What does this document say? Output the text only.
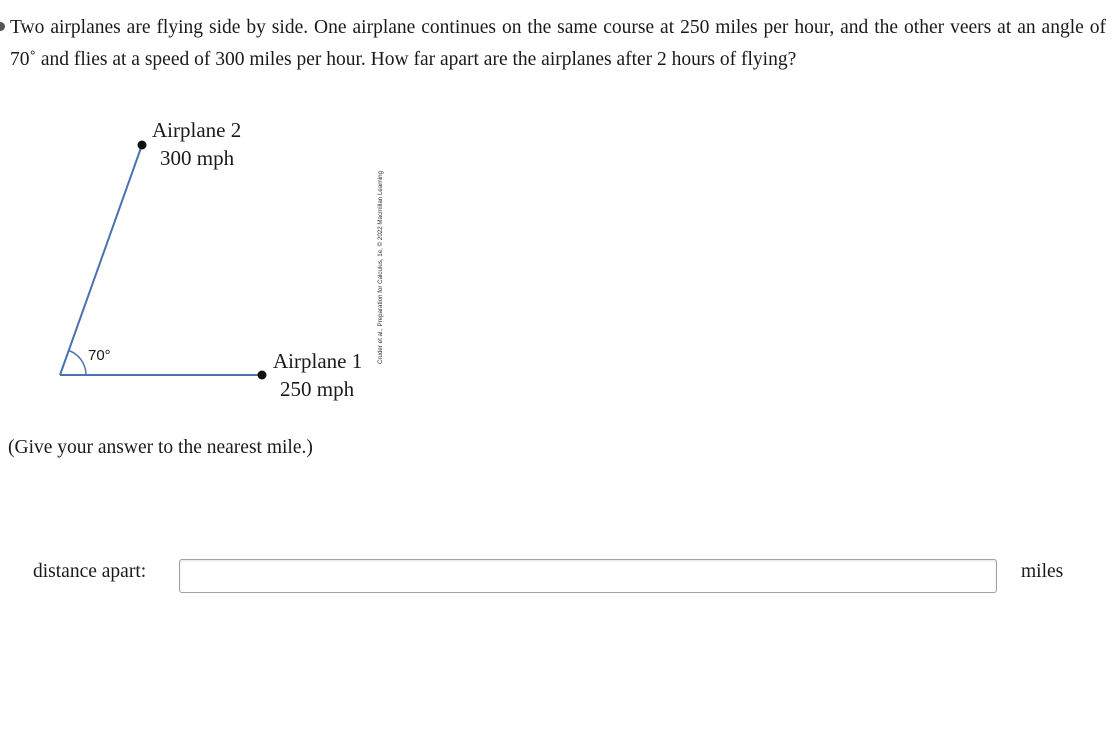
Two airplanes are flying side by side. One airplane continues on the same course at 250 miles per hour, and the other veers at an angle of 70˚ and flies at a speed of 300 miles per hour. How far apart are the airplanes after 2 hours of flying?
Airplane 2
300 mph
Airplane 1
250 mph
70°	Cruder et al., Preparation for Calculus, 1e, © 2022 Macmillan Learning
(Give your answer to the nearest mile.)
distance apart:	miles
